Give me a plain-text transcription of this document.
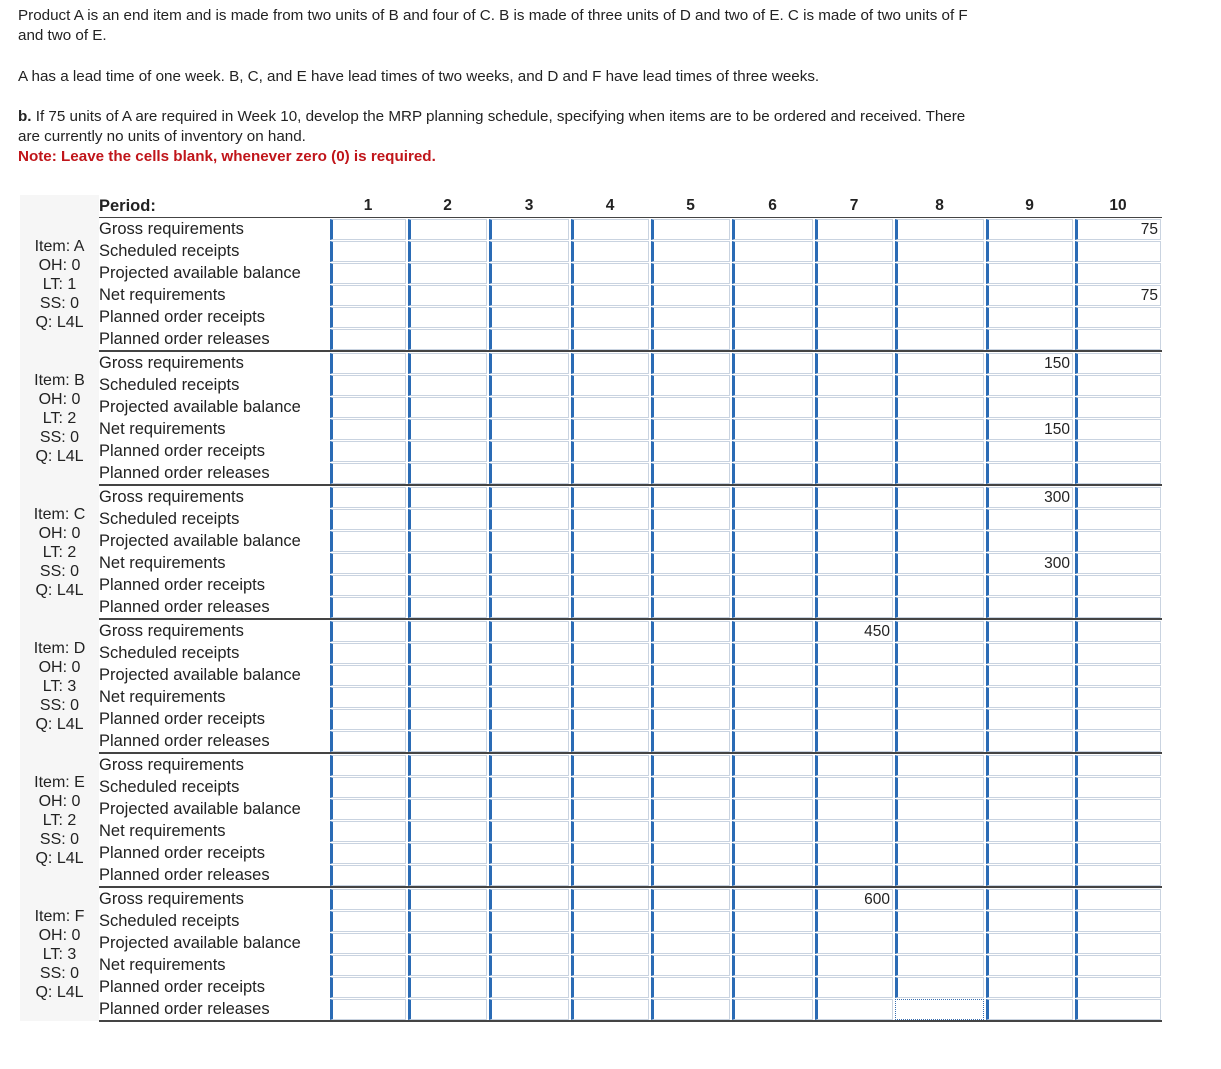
Product A is an end item and is made from two units of B and four of C. B is made of three units of D and two of E. C is made of two units of F and two of E.

A has a lead time of one week. B, C, and E have lead times of two weeks, and D and F have lead times of three weeks.

b. If 75 units of A are required in Week 10, develop the MRP planning schedule, specifying when items are to be ordered and received. There are currently no units of inventory on hand.
Note: Leave the cells blank, whenever zero (0) is required.

	Period:	1	2	3	4	5	6	7	8	9	10

Item: A
OH: 0
LT: 1
SS: 0
Q: L4L	Gross requirements										75

	Scheduled receipts	

	Projected available balance	

	Net requirements										75

	Planned order receipts	

	Planned order releases	

Item: B
OH: 0
LT: 2
SS: 0
Q: L4L	Gross requirements									150	

	Scheduled receipts	

	Projected available balance	

	Net requirements									150	

	Planned order receipts	

	Planned order releases	

Item: C
OH: 0
LT: 2
SS: 0
Q: L4L	Gross requirements									300	

	Scheduled receipts	

	Projected available balance	

	Net requirements									300	

	Planned order receipts	

	Planned order releases	

Item: D
OH: 0
LT: 3
SS: 0
Q: L4L	Gross requirements							450			

	Scheduled receipts	

	Projected available balance	

	Net requirements	

	Planned order receipts	

	Planned order releases	

Item: E
OH: 0
LT: 2
SS: 0
Q: L4L	Gross requirements	

	Scheduled receipts	

	Projected available balance	

	Net requirements	

	Planned order receipts	

	Planned order releases	

Item: F
OH: 0
LT: 3
SS: 0
Q: L4L	Gross requirements							600			

	Scheduled receipts	

	Projected available balance	

	Net requirements	

	Planned order receipts	

	Planned order releases	
